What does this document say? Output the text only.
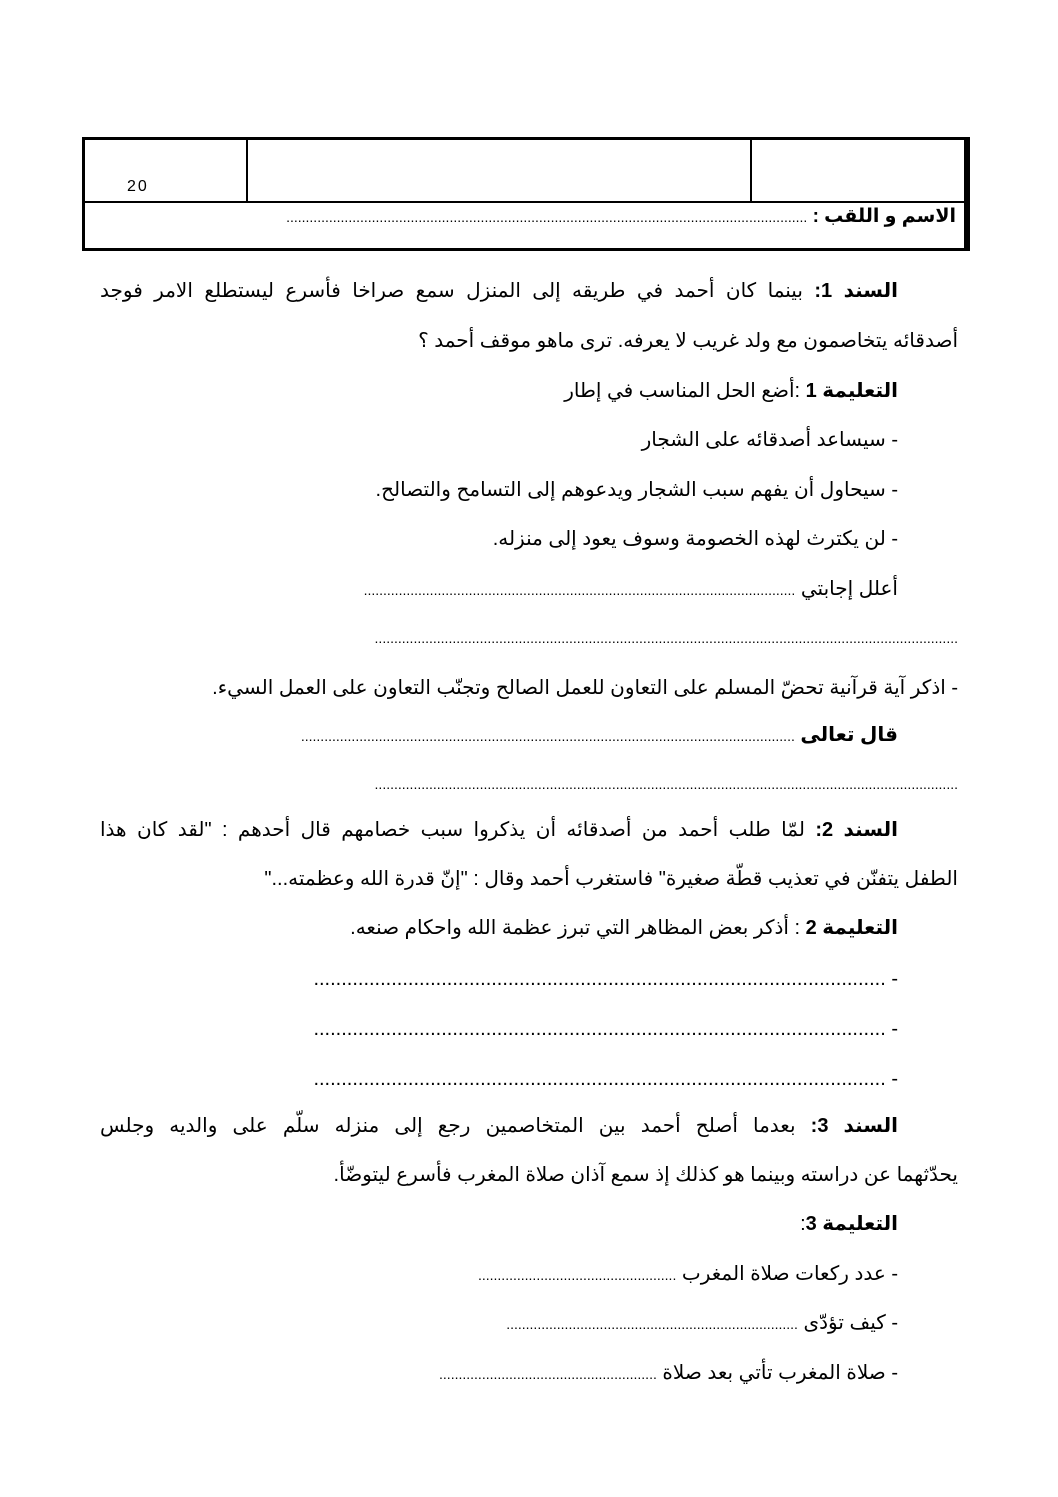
20
الاسم و اللقب : ......................................................................................................................................
السند 1: بينما كان أحمد في طريقه إلى المنزل سمع صراخا فأسرع ليستطلع الامر فوجد
أصدقائه يتخاصمون مع ولد غريب لا يعرفه. ترى ماهو موقف أحمد ؟
التعليمة 1 :أضع الحل المناسب في إطار
- سيساعد أصدقائه على الشجار
- سيحاول أن يفهم سبب الشجار ويدعوهم إلى التسامح والتصالح.
- لن يكترث لهذه الخصومة وسوف يعود إلى منزله.
أعلل إجابتي ...............................................................................................................
......................................................................................................................................................
- اذكر آية قرآنية تحضّ المسلم على التعاون للعمل الصالح وتجنّب التعاون على العمل السيء.
قال تعالى ...............................................................................................................................
......................................................................................................................................................
السند 2: لمّا طلب أحمد من أصدقائه أن يذكروا سبب خصامهم قال أحدهم : "لقد كان هذا
الطفل يتفنّن في تعذيب قطّة صغيرة" فاستغرب أحمد وقال : "إنّ قدرة الله وعظمته..."
التعليمة 2 : أذكر بعض المظاهر التي تبرز عظمة الله واحكام صنعه.
- .......................................................................................................
- .......................................................................................................
- .......................................................................................................
السند 3: بعدما أصلح أحمد بين المتخاصمين رجع إلى منزله سلّم على والديه وجلس
يحدّثهما عن دراسته وبينما هو كذلك إذ سمع آذان صلاة المغرب فأسرع ليتوضّأ.
التعليمة 3:
- عدد ركعات صلاة المغرب ...................................................
- كيف تؤدّى ...........................................................................
- صلاة المغرب تأتي بعد صلاة ........................................................
